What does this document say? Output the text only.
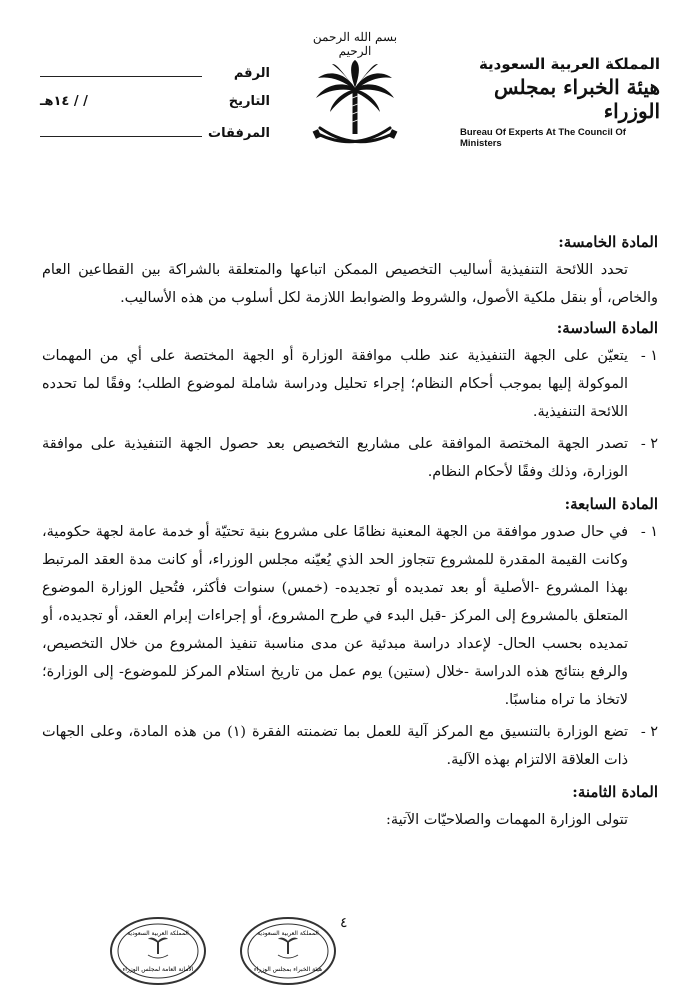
الرقم
التاريخ
/ / ١٤هـ
المرفقات
بسم الله الرحمن الرحيم
المملكة العربية السعودية
هيئة الخبراء بمجلس الوزراء
Bureau Of Experts At The Council Of Ministers

المادة الخامسة:

تحدد اللائحة التنفيذية أساليب التخصيص الممكن اتباعها والمتعلقة بالشراكة بين القطاعين العام والخاص، أو بنقل ملكية الأصول، والشروط والضوابط اللازمة لكل أسلوب من هذه الأساليب.

المادة السادسة:

١ -
يتعيّن على الجهة التنفيذية عند طلب موافقة الوزارة أو الجهة المختصة على أي من المهمات الموكولة إليها بموجب أحكام النظام؛ إجراء تحليل ودراسة شاملة لموضوع الطلب؛ وفقًا لما تحدده اللائحة التنفيذية.
٢ -
تصدر الجهة المختصة الموافقة على مشاريع التخصيص بعد حصول الجهة التنفيذية على موافقة الوزارة، وذلك وفقًا لأحكام النظام.

المادة السابعة:

١ -
في حال صدور موافقة من الجهة المعنية نظامًا على مشروع بنية تحتيّة أو خدمة عامة لجهة حكومية، وكانت القيمة المقدرة للمشروع تتجاوز الحد الذي يُعيّنه مجلس الوزراء، أو كانت مدة العقد المرتبط بهذا المشروع -الأصلية أو بعد تمديده أو تجديده- (خمس) سنوات فأكثر، فتُحيل الوزارة الموضوع المتعلق بالمشروع إلى المركز -قبل البدء في طرح المشروع، أو إجراءات إبرام العقد، أو تجديده، أو تمديده بحسب الحال- لإعداد دراسة مبدئية عن مدى مناسبة تنفيذ المشروع من خلال التخصيص، والرفع بنتائج هذه الدراسة -خلال (ستين) يوم عمل من تاريخ استلام المركز للموضوع- إلى الوزارة؛ لاتخاذ ما تراه مناسبًا.
٢ -
تضع الوزارة بالتنسيق مع المركز آلية للعمل بما تضمنته الفقرة (١) من هذه المادة، وعلى الجهات ذات العلاقة الالتزام بهذه الآلية.

المادة الثامنة:

تتولى الوزارة المهمات والصلاحيّات الآتية:

٤
المملكة العربية السعودية
الأمانة العامة لمجلس الوزراء
المملكة العربية السعودية
هيئة الخبراء بمجلس الوزراء
